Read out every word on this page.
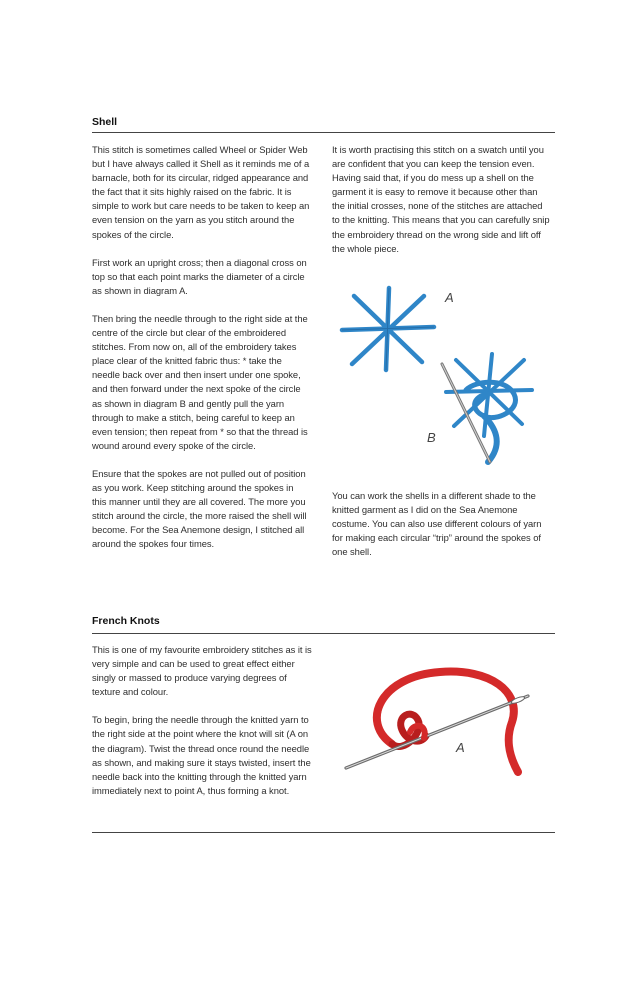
Shell

This stitch is sometimes called Wheel or Spider Web but I have always called it Shell as it reminds me of a barnacle, both for its circular, ridged appearance and the fact that it sits highly raised on the fabric. It is simple to work but care needs to be taken to keep an even tension on the yarn as you stitch around the spokes of the circle.

First work an upright cross; then a diagonal cross on top so that each point marks the diameter of a circle as shown in diagram A.

Then bring the needle through to the right side at the centre of the circle but clear of the embroidered stitches. From now on, all of the embroidery takes place clear of the knitted fabric thus: * take the needle back over and then insert under one spoke, and then forward under the next spoke of the circle as shown in diagram B and gently pull the yarn through to make a stitch, being careful to keep an even tension; then repeat from * so that the thread is wound around every spoke of the circle.

Ensure that the spokes are not pulled out of position as you work. Keep stitching around the spokes in this manner until they are all covered. The more you stitch around the circle, the more raised the shell will become. For the Sea Anemone design, I stitched all around the spokes four times.

It is worth practising this stitch on a swatch until you are confident that you can keep the tension even. Having said that, if you do mess up a shell on the garment it is easy to remove it because other than the initial crosses, none of the stitches are attached to the knitting. This means that you can carefully snip the embroidery thread on the wrong side and lift off the whole piece.

You can work the shells in a different shade to the knitted garment as I did on the Sea Anemone costume. You can also use different colours of yarn for making each circular “trip” around the spokes of one shell.

A
B
French Knots

This is one of my favourite embroidery stitches as it is very simple and can be used to great effect either singly or massed to produce varying degrees of texture and colour.

To begin, bring the needle through the knitted yarn to the right side at the point where the knot will sit (A on the diagram). Twist the thread once round the needle as shown, and making sure it stays twisted, insert the needle back into the knitting through the knitted yarn immediately next to point A, thus forming a knot.

A
